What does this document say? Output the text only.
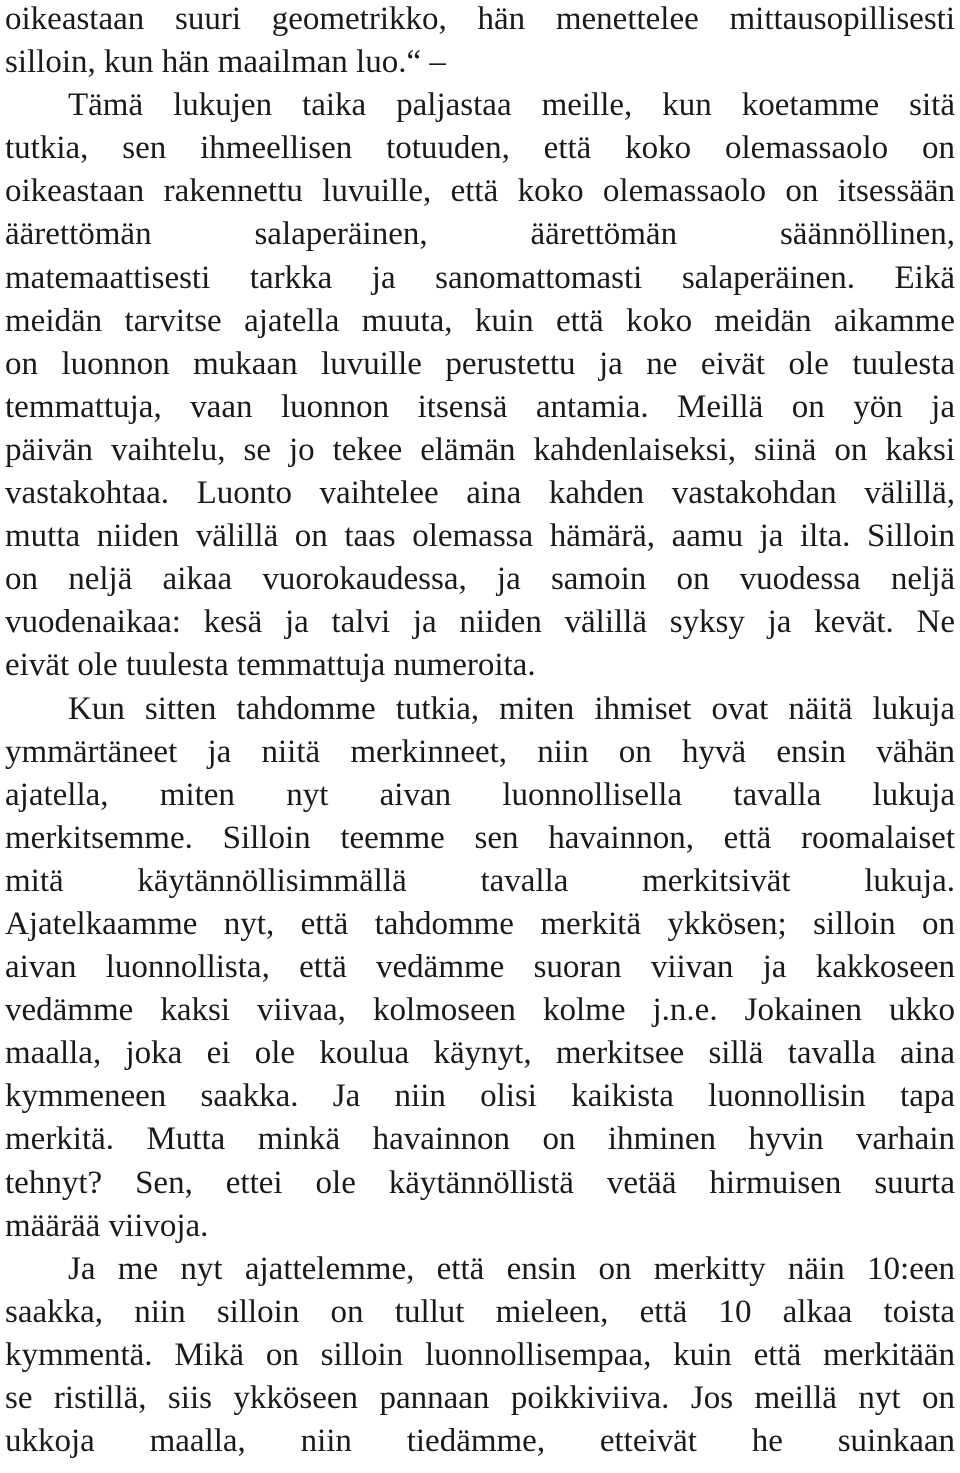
oikeastaan suuri geometrikko, hän menettelee mittausopillisesti
silloin, kun hän maailman luo.“ –
Tämä lukujen taika paljastaa meille, kun koetamme sitä
tutkia, sen ihmeellisen totuuden, että koko olemassaolo on
oikeastaan rakennettu luvuille, että koko olemassaolo on itsessään
äärettömän salaperäinen, äärettömän säännöllinen,
matemaattisesti tarkka ja sanomattomasti salaperäinen. Eikä
meidän tarvitse ajatella muuta, kuin että koko meidän aikamme
on luonnon mukaan luvuille perustettu ja ne eivät ole tuulesta
temmattuja, vaan luonnon itsensä antamia. Meillä on yön ja
päivän vaihtelu, se jo tekee elämän kahdenlaiseksi, siinä on kaksi
vastakohtaa. Luonto vaihtelee aina kahden vastakohdan välillä,
mutta niiden välillä on taas olemassa hämärä, aamu ja ilta. Silloin
on neljä aikaa vuorokaudessa, ja samoin on vuodessa neljä
vuodenaikaa: kesä ja talvi ja niiden välillä syksy ja kevät. Ne
eivät ole tuulesta temmattuja numeroita.
Kun sitten tahdomme tutkia, miten ihmiset ovat näitä lukuja
ymmärtäneet ja niitä merkinneet, niin on hyvä ensin vähän
ajatella, miten nyt aivan luonnollisella tavalla lukuja
merkitsemme. Silloin teemme sen havainnon, että roomalaiset
mitä käytännöllisimmällä tavalla merkitsivät lukuja.
Ajatelkaamme nyt, että tahdomme merkitä ykkösen; silloin on
aivan luonnollista, että vedämme suoran viivan ja kakkoseen
vedämme kaksi viivaa, kolmoseen kolme j.n.e. Jokainen ukko
maalla, joka ei ole koulua käynyt, merkitsee sillä tavalla aina
kymmeneen saakka. Ja niin olisi kaikista luonnollisin tapa
merkitä. Mutta minkä havainnon on ihminen hyvin varhain
tehnyt? Sen, ettei ole käytännöllistä vetää hirmuisen suurta
määrää viivoja.
Ja me nyt ajattelemme, että ensin on merkitty näin 10:een
saakka, niin silloin on tullut mieleen, että 10 alkaa toista
kymmentä. Mikä on silloin luonnollisempaa, kuin että merkitään
se ristillä, siis ykköseen pannaan poikkiviiva. Jos meillä nyt on
ukkoja maalla, niin tiedämme, etteivät he suinkaan
